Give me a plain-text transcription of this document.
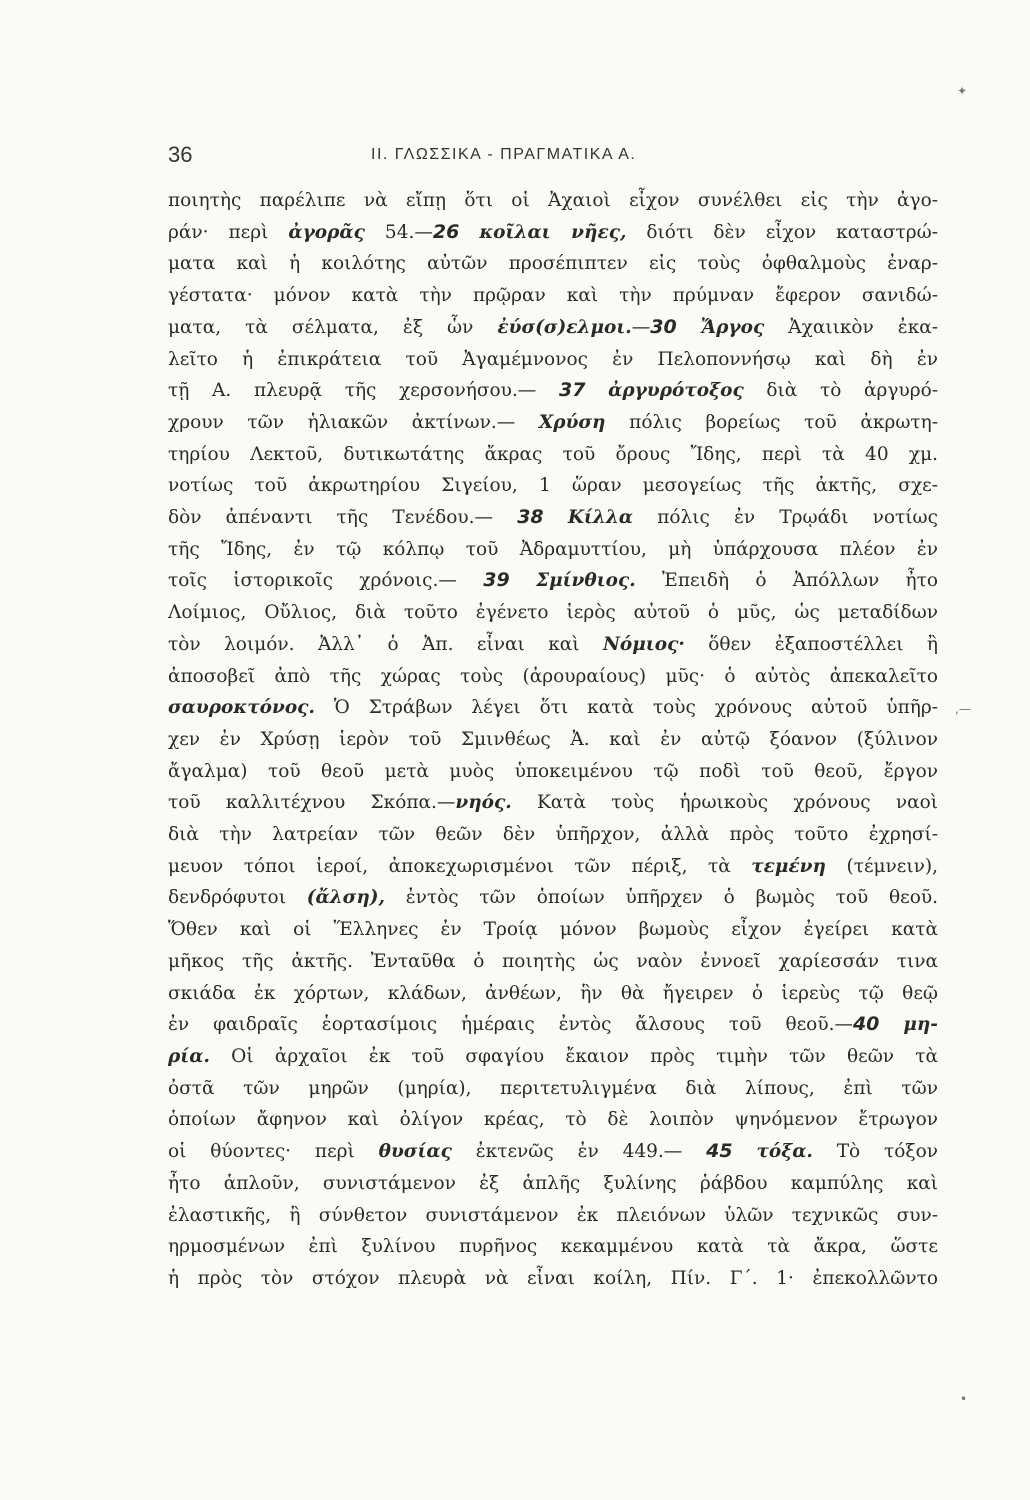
36	II. ΓΛΩΣΣΙΚΑ - ΠΡΑΓΜΑΤΙΚΑ Α.
ποιητὴς παρέλιπε νὰ εἴπῃ ὅτι οἱ Ἀχαιοὶ εἶχον συνέλθει εἰς τὴν ἀγο-
ράν· περὶ ἀγορᾶς 54.—26 κοῖλαι νῆες, διότι δὲν εἶχον καταστρώ-
ματα καὶ ἡ κοιλότης αὐτῶν προσέπιπτεν εἰς τοὺς ὀφθαλμοὺς ἐναρ-
γέστατα· μόνον κατὰ τὴν πρῷραν καὶ τὴν πρύμναν ἔφερον σανιδώ-
ματα, τὰ σέλματα, ἐξ ὧν ἐύσ(σ)ελμοι.—30 Ἄργος Ἀχαιικὸν ἐκα-
λεῖτο ἡ ἐπικράτεια τοῦ Ἀγαμέμνονος ἐν Πελοποννήσῳ καὶ δὴ ἐν
τῇ Α. πλευρᾷ τῆς χερσονήσου.— 37 ἀργυρότοξος διὰ τὸ ἀργυρό-
χρουν τῶν ἡλιακῶν ἀκτίνων.— Χρύση πόλις βορείως τοῦ ἀκρωτη-
τηρίου Λεκτοῦ, δυτικωτάτης ἄκρας τοῦ ὄρους Ἴδης, περὶ τὰ 40 χμ.
νοτίως τοῦ ἀκρωτηρίου Σιγείου, 1 ὥραν μεσογείως τῆς ἀκτῆς, σχε-
δὸν ἀπέναντι τῆς Τενέδου.— 38 Κίλλα πόλις ἐν Τρῳάδι νοτίως
τῆς Ἴδης, ἐν τῷ κόλπῳ τοῦ Ἀδραμυττίου, μὴ ὑπάρχουσα πλέον ἐν
τοῖς ἱστορικοῖς χρόνοις.— 39 Σμίνθιος. Ἐπειδὴ ὁ Ἀπόλλων ἦτο
Λοίμιος, Οὔλιος, διὰ τοῦτο ἐγένετο ἱερὸς αὐτοῦ ὁ μῦς, ὡς μεταδίδων
τὸν λοιμόν. Ἀλλ᾽ ὁ Ἀπ. εἶναι καὶ Νόμιος· ὅθεν ἐξαποστέλλει ἢ
ἀποσοβεῖ ἀπὸ τῆς χώρας τοὺς (ἀρουραίους) μῦς· ὁ αὐτὸς ἀπεκαλεῖτο
σαυροκτόνος. Ὁ Στράβων λέγει ὅτι κατὰ τοὺς χρόνους αὐτοῦ ὑπῆρ-
χεν ἐν Χρύσῃ ἱερὸν τοῦ Σμινθέως Ἀ. καὶ ἐν αὐτῷ ξόανον (ξύλινον
ἄγαλμα) τοῦ θεοῦ μετὰ μυὸς ὑποκειμένου τῷ ποδὶ τοῦ θεοῦ, ἔργον
τοῦ καλλιτέχνου Σκόπα.—νηός. Κατὰ τοὺς ἡρωικοὺς χρόνους ναοὶ
διὰ τὴν λατρείαν τῶν θεῶν δὲν ὑπῆρχον, ἀλλὰ πρὸς τοῦτο ἐχρησί-
μευον τόποι ἱεροί, ἀποκεχωρισμένοι τῶν πέριξ, τὰ τεμένη (τέμνειν),
δενδρόφυτοι (ἄλση), ἐντὸς τῶν ὁποίων ὑπῆρχεν ὁ βωμὸς τοῦ θεοῦ.
Ὅθεν καὶ οἱ Ἕλληνες ἐν Τροίᾳ μόνον βωμοὺς εἶχον ἐγείρει κατὰ
μῆκος τῆς ἀκτῆς. Ἐνταῦθα ὁ ποιητὴς ὡς ναὸν ἐννοεῖ χαρίεσσάν τινα
σκιάδα ἐκ χόρτων, κλάδων, ἀνθέων, ἣν θὰ ἤγειρεν ὁ ἱερεὺς τῷ θεῷ
ἐν φαιδραῖς ἑορτασίμοις ἡμέραις ἐντὸς ἄλσους τοῦ θεοῦ.—40 μη-
ρία. Οἱ ἀρχαῖοι ἐκ τοῦ σφαγίου ἔκαιον πρὸς τιμὴν τῶν θεῶν τὰ
ὀστᾶ τῶν μηρῶν (μηρία), περιτετυλιγμένα διὰ λίπους, ἐπὶ τῶν
ὁποίων ἄφηνον καὶ ὀλίγον κρέας, τὸ δὲ λοιπὸν ψηνόμενον ἔτρωγον
οἱ θύοντες· περὶ θυσίας ἐκτενῶς ἐν 449.— 45 τόξα. Τὸ τόξον
ἦτο ἁπλοῦν, συνιστάμενον ἐξ ἁπλῆς ξυλίνης ῥάβδου καμπύλης καὶ
ἐλαστικῆς, ἢ σύνθετον συνιστάμενον ἐκ πλειόνων ὑλῶν τεχνικῶς συν-
ηρμοσμένων ἐπὶ ξυλίνου πυρῆνος κεκαμμένου κατὰ τὰ ἄκρα, ὥστε
ἡ πρὸς τὸν στόχον πλευρὰ νὰ εἶναι κοίλη, Πίν. Γ´. 1· ἐπεκολλῶντο
✦
,—
•
